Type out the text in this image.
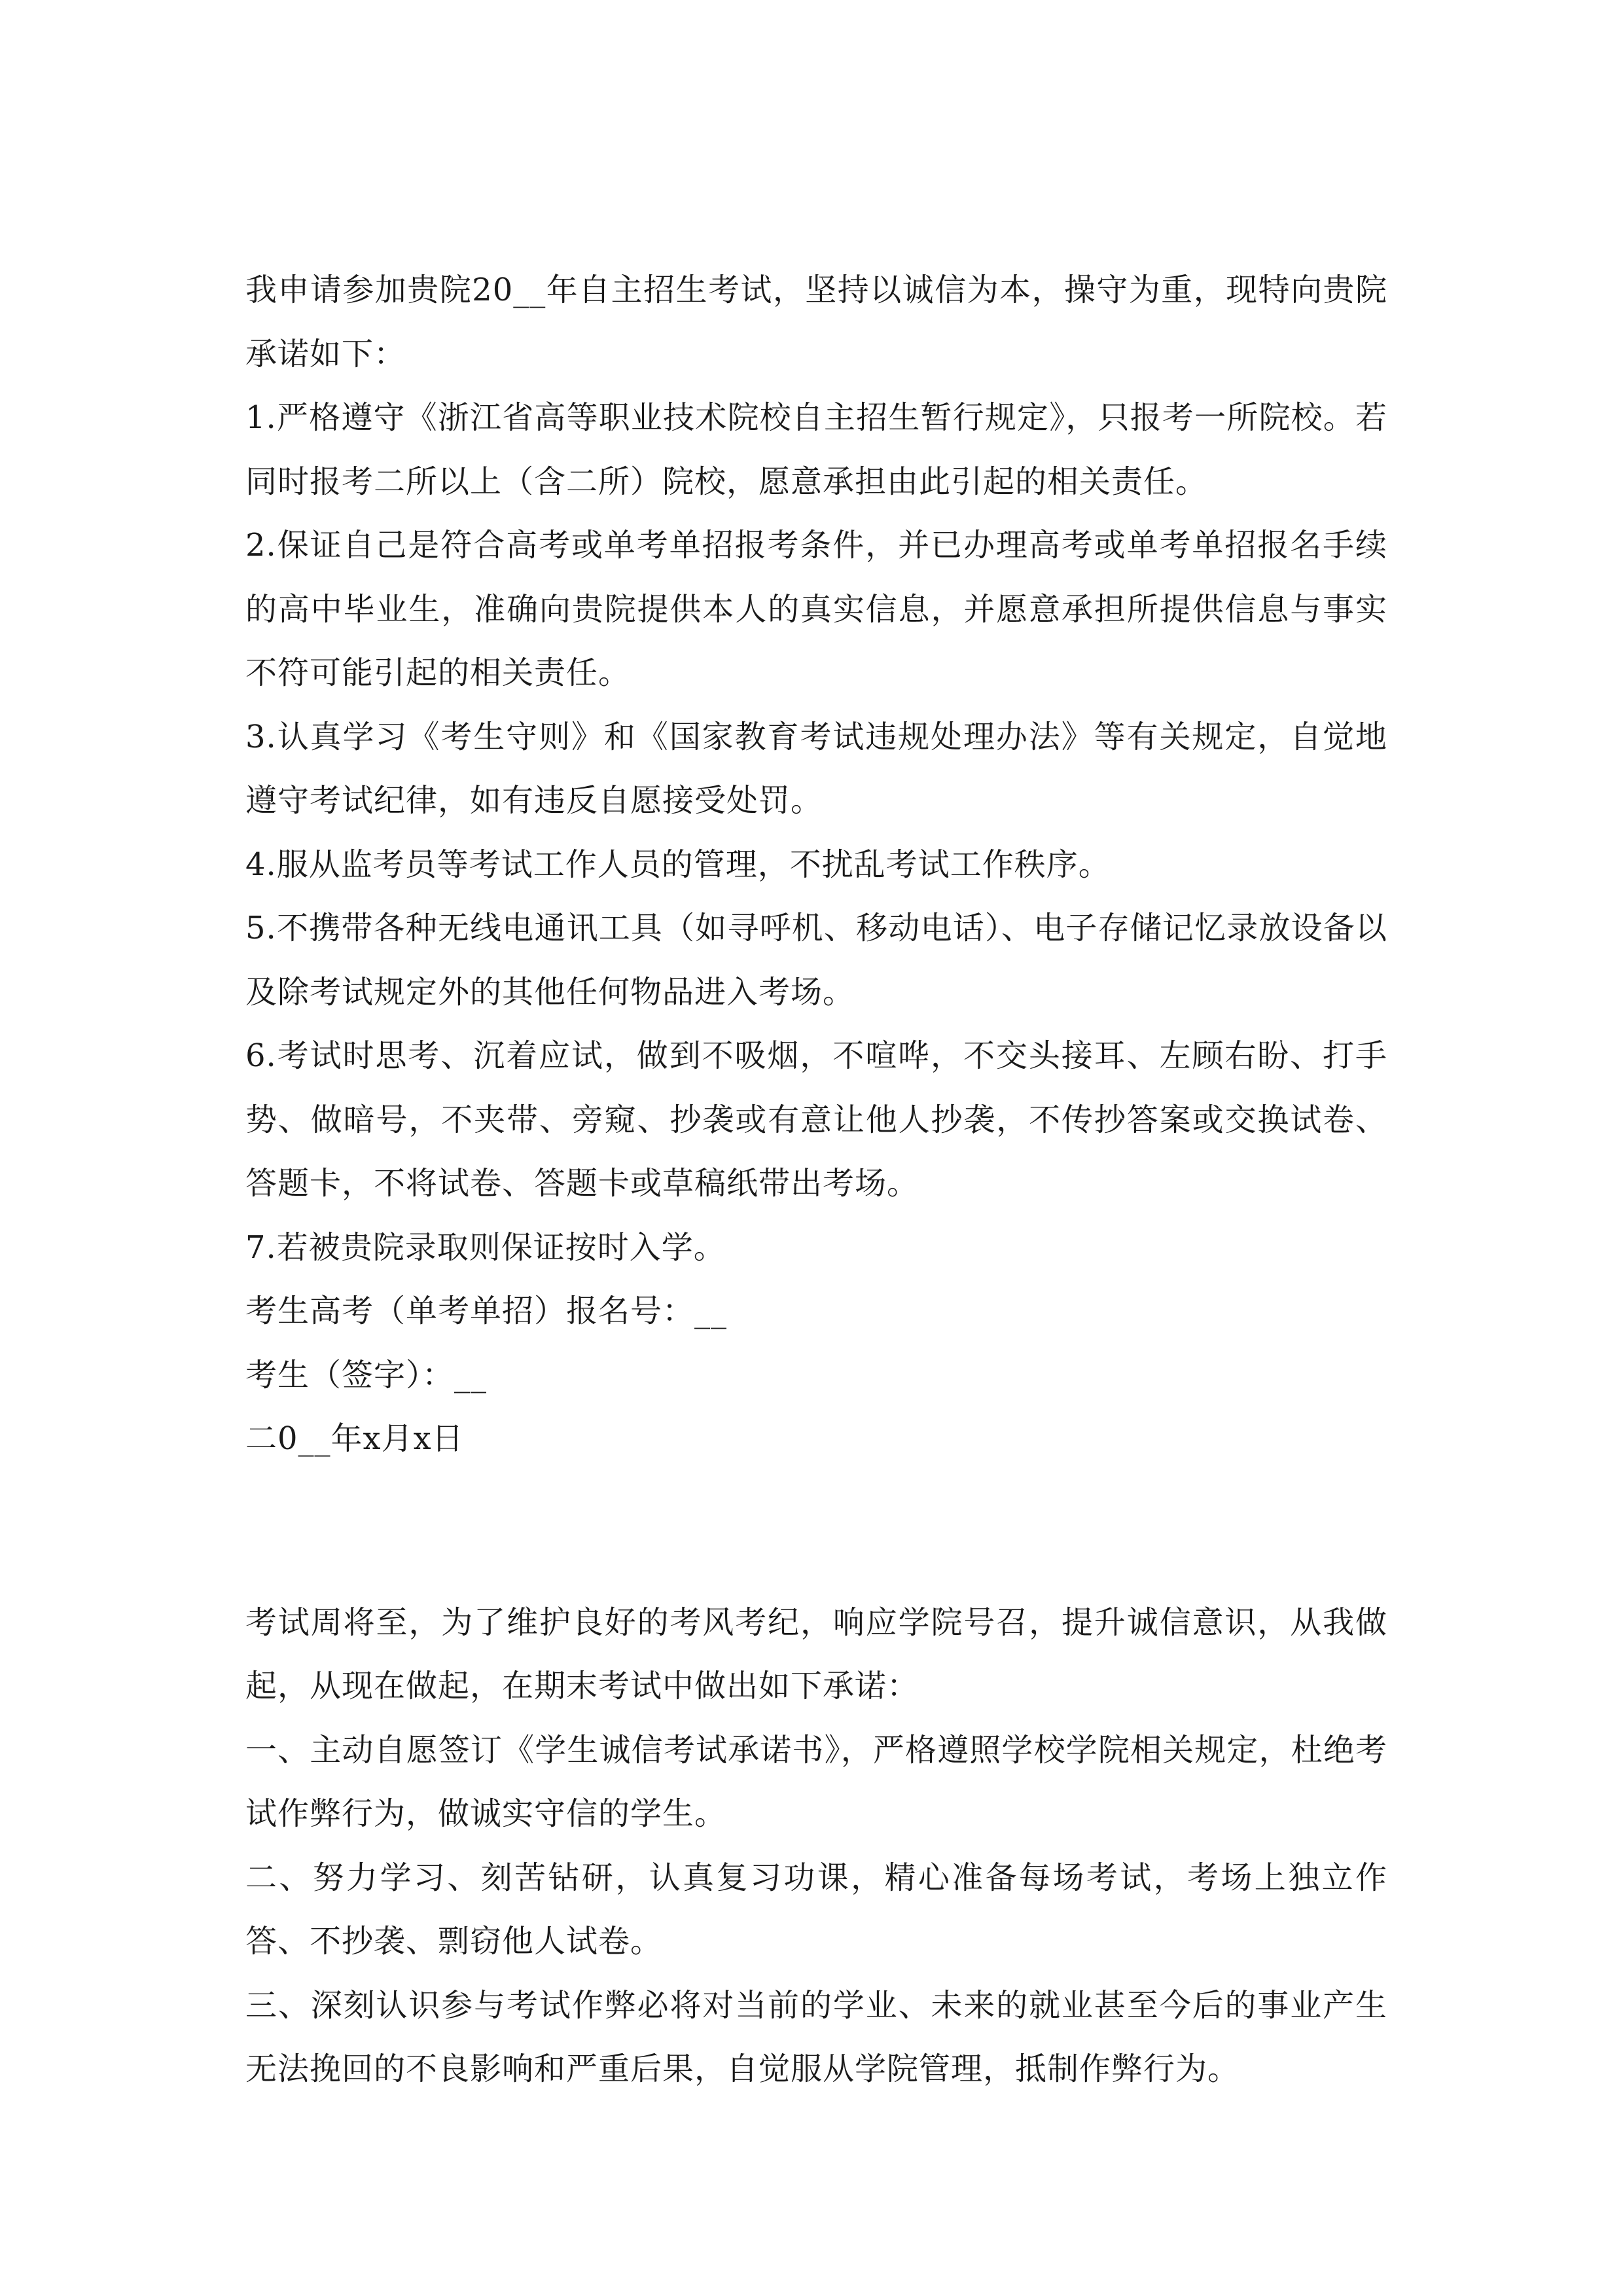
我申请参加贵院20__年自主招生考试，坚持以诚信为本，操守为重，现特向贵院承诺如下：

1.严格遵守《浙江省高等职业技术院校自主招生暂行规定》，只报考一所院校。若同时报考二所以上（含二所）院校，愿意承担由此引起的相关责任。

2.保证自己是符合高考或单考单招报考条件，并已办理高考或单考单招报名手续的高中毕业生，准确向贵院提供本人的真实信息，并愿意承担所提供信息与事实不符可能引起的相关责任。

3.认真学习《考生守则》和《国家教育考试违规处理办法》等有关规定，自觉地遵守考试纪律，如有违反自愿接受处罚。

4.服从监考员等考试工作人员的管理，不扰乱考试工作秩序。

5.不携带各种无线电通讯工具（如寻呼机、移动电话）、电子存储记忆录放设备以及除考试规定外的其他任何物品进入考场。

6.考试时思考、沉着应试，做到不吸烟，不喧哗，不交头接耳、左顾右盼、打手势、做暗号，不夹带、旁窥、抄袭或有意让他人抄袭，不传抄答案或交换试卷、答题卡，不将试卷、答题卡或草稿纸带出考场。

7.若被贵院录取则保证按时入学。

考生高考（单考单招）报名号：__

考生（签字）：__

二0__年x月x日

考试周将至，为了维护良好的考风考纪，响应学院号召，提升诚信意识，从我做起，从现在做起，在期末考试中做出如下承诺：

一、主动自愿签订《学生诚信考试承诺书》，严格遵照学校学院相关规定，杜绝考试作弊行为，做诚实守信的学生。

二、努力学习、刻苦钻研，认真复习功课，精心准备每场考试，考场上独立作答、不抄袭、剽窃他人试卷。

三、深刻认识参与考试作弊必将对当前的学业、未来的就业甚至今后的事业产生无法挽回的不良影响和严重后果，自觉服从学院管理，抵制作弊行为。
